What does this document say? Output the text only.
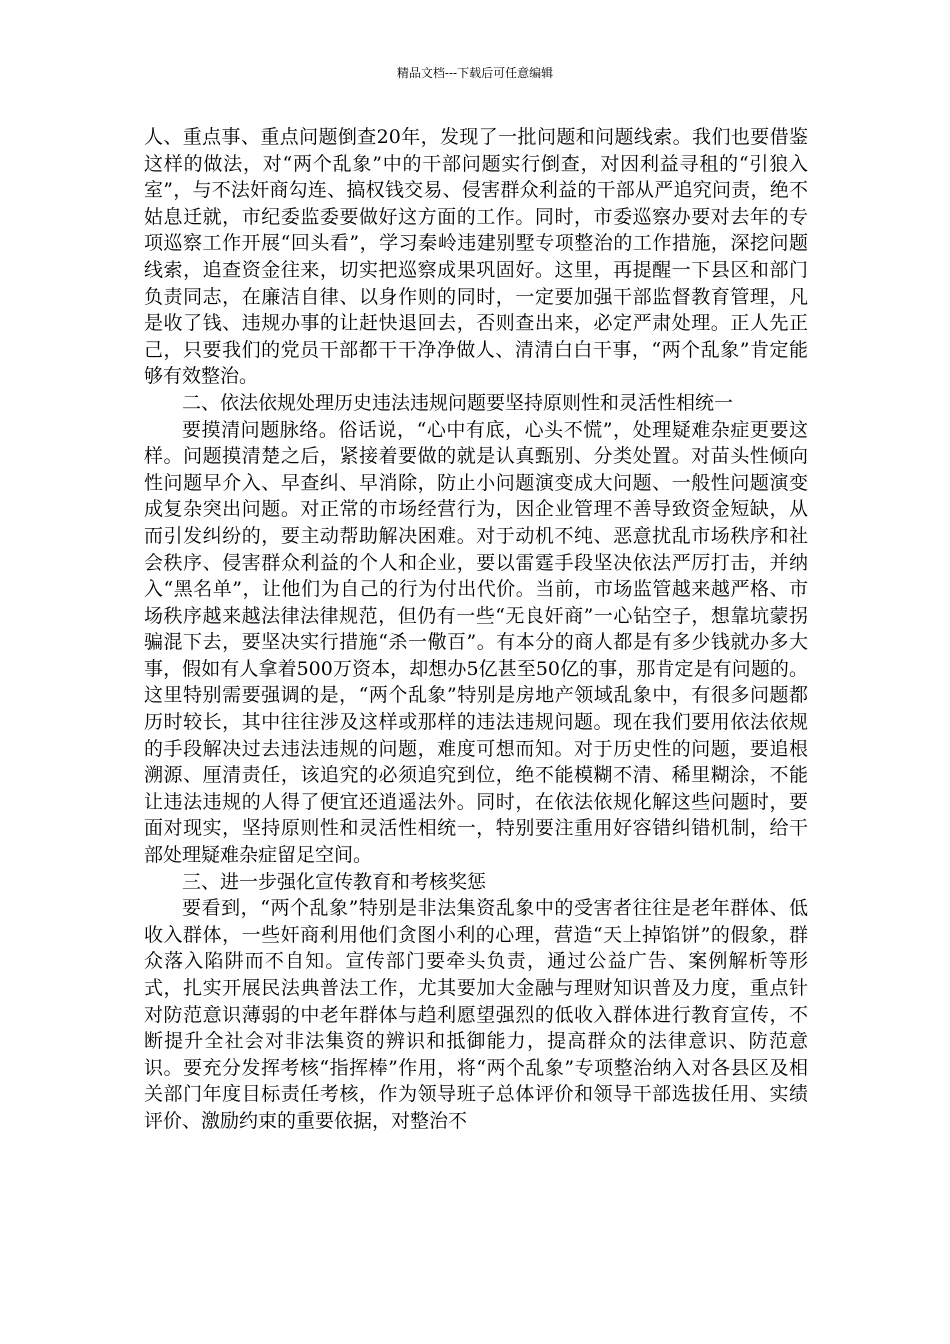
精品文档---下载后可任意编辑

人、重点事、重点问题倒查20年，发现了一批问题和问题线索。我们也要借鉴这样的做法，对“两个乱象”中的干部问题实行倒查，对因利益寻租的“引狼入室”，与不法奸商勾连、搞权钱交易、侵害群众利益的干部从严追究问责，绝不姑息迁就，市纪委监委要做好这方面的工作。同时，市委巡察办要对去年的专项巡察工作开展“回头看”，学习秦岭违建别墅专项整治的工作措施，深挖问题线索，追查资金往来，切实把巡察成果巩固好。这里，再提醒一下县区和部门负责同志，在廉洁自律、以身作则的同时，一定要加强干部监督教育管理，凡是收了钱、违规办事的让赶快退回去，否则查出来，必定严肃处理。正人先正己，只要我们的党员干部都干干净净做人、清清白白干事，“两个乱象”肯定能够有效整治。

二、依法依规处理历史违法违规问题要坚持原则性和灵活性相统一

要摸清问题脉络。俗话说，“心中有底，心头不慌”，处理疑难杂症更要这样。问题摸清楚之后，紧接着要做的就是认真甄别、分类处置。对苗头性倾向性问题早介入、早查纠、早消除，防止小问题演变成大问题、一般性问题演变成复杂突出问题。对正常的市场经营行为，因企业管理不善导致资金短缺，从而引发纠纷的，要主动帮助解决困难。对于动机不纯、恶意扰乱市场秩序和社会秩序、侵害群众利益的个人和企业，要以雷霆手段坚决依法严厉打击，并纳入“黑名单”，让他们为自己的行为付出代价。当前，市场监管越来越严格、市场秩序越来越法律法律规范，但仍有一些“无良奸商”一心钻空子，想靠坑蒙拐骗混下去，要坚决实行措施“杀一儆百”。有本分的商人都是有多少钱就办多大事，假如有人拿着500万资本，却想办5亿甚至50亿的事，那肯定是有问题的。这里特别需要强调的是，“两个乱象”特别是房地产领域乱象中，有很多问题都历时较长，其中往往涉及这样或那样的违法违规问题。现在我们要用依法依规的手段解决过去违法违规的问题，难度可想而知。对于历史性的问题，要追根溯源、厘清责任，该追究的必须追究到位，绝不能模糊不清、稀里糊涂，不能让违法违规的人得了便宜还逍遥法外。同时，在依法依规化解这些问题时，要面对现实，坚持原则性和灵活性相统一，特别要注重用好容错纠错机制，给干部处理疑难杂症留足空间。

三、进一步强化宣传教育和考核奖惩

要看到，“两个乱象”特别是非法集资乱象中的受害者往往是老年群体、低收入群体，一些奸商利用他们贪图小利的心理，营造“天上掉馅饼”的假象，群众落入陷阱而不自知。宣传部门要牵头负责，通过公益广告、案例解析等形式，扎实开展民法典普法工作，尤其要加大金融与理财知识普及力度，重点针对防范意识薄弱的中老年群体与趋利愿望强烈的低收入群体进行教育宣传，不断提升全社会对非法集资的辨识和抵御能力，提高群众的法律意识、防范意识。要充分发挥考核“指挥棒”作用，将“两个乱象”专项整治纳入对各县区及相关部门年度目标责任考核，作为领导班子总体评价和领导干部选拔任用、实绩评价、激励约束的重要依据，对整治不
